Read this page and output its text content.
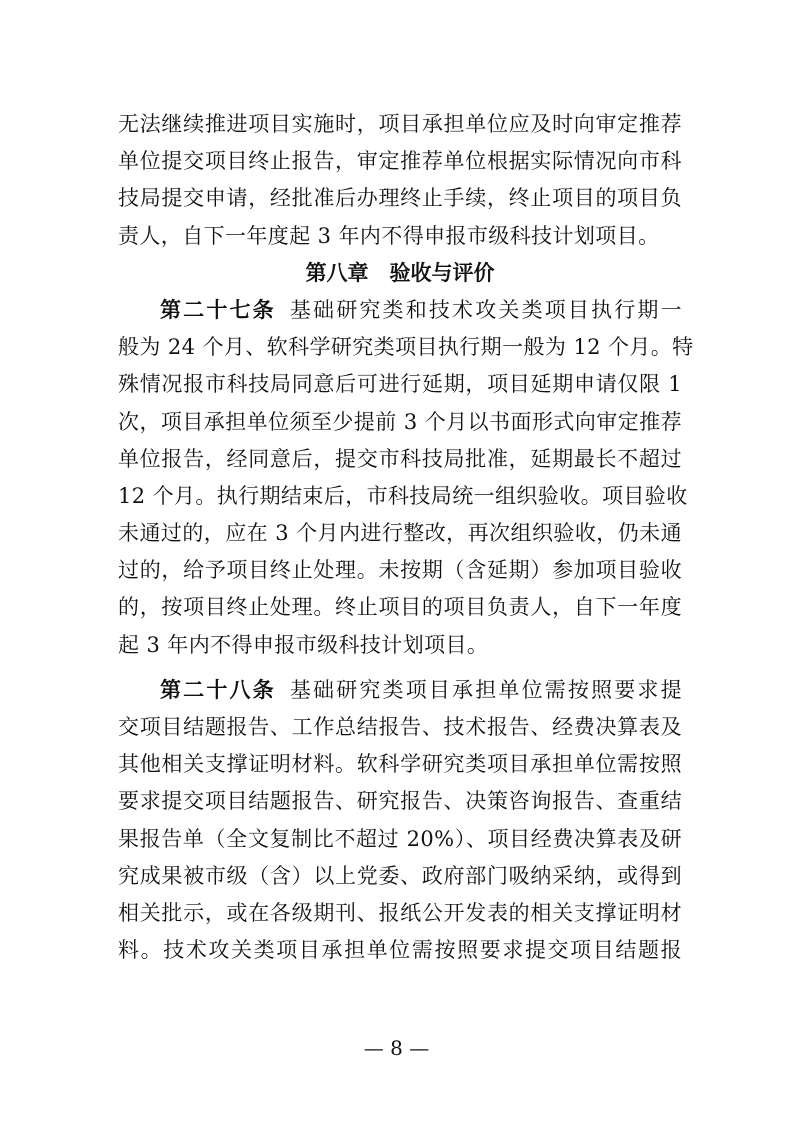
无法继续推进项目实施时，项目承担单位应及时向审定推荐
单位提交项目终止报告，审定推荐单位根据实际情况向市科
技局提交申请，经批准后办理终止手续，终止项目的项目负
责人，自下一年度起 3 年内不得申报市级科技计划项目。
第八章　验收与评价
第二十七条 基础研究类和技术攻关类项目执行期一
般为 24 个月、软科学研究类项目执行期一般为 12 个月。特
殊情况报市科技局同意后可进行延期，项目延期申请仅限 1
次，项目承担单位须至少提前 3 个月以书面形式向审定推荐
单位报告，经同意后，提交市科技局批准，延期最长不超过
12 个月。执行期结束后，市科技局统一组织验收。项目验收
未通过的，应在 3 个月内进行整改，再次组织验收，仍未通
过的，给予项目终止处理。未按期（含延期）参加项目验收
的，按项目终止处理。终止项目的项目负责人，自下一年度
起 3 年内不得申报市级科技计划项目。
第二十八条 基础研究类项目承担单位需按照要求提
交项目结题报告、工作总结报告、技术报告、经费决算表及
其他相关支撑证明材料。软科学研究类项目承担单位需按照
要求提交项目结题报告、研究报告、决策咨询报告、查重结
果报告单（全文复制比不超过 20%）、项目经费决算表及研
究成果被市级（含）以上党委、政府部门吸纳采纳，或得到
相关批示，或在各级期刊、报纸公开发表的相关支撑证明材
料。技术攻关类项目承担单位需按照要求提交项目结题报
— 8 —
